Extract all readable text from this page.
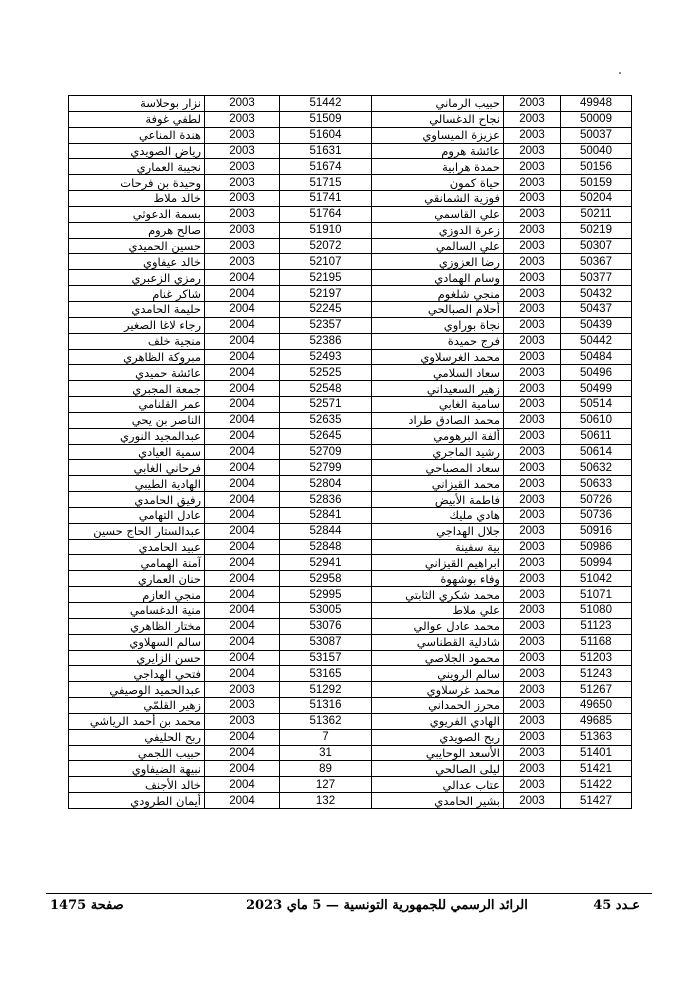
نزار بوحلاسة	2003	51442	حبيب الرماني	2003	49948
لطفي غوفة	2003	51509	نجاح الدغسالي	2003	50009
هندة المناعي	2003	51604	عزيزة الميساوي	2003	50037
رياض الصويدي	2003	51631	عائشة هروم	2003	50040
نجيبة العماري	2003	51674	حمدة هرابية	2003	50156
وحيدة بن فرحات	2003	51715	حياة كمون	2003	50159
خالد ملاط	2003	51741	فوزية الشمانقي	2003	50204
بسمة الدعوثي	2003	51764	علي القاسمي	2003	50211
صالح هروم	2003	51910	زعرة الدوزي	2003	50219
حسين الحميدي	2003	52072	علي السالمي	2003	50307
خالد عيفاوي	2003	52107	رضا العزوزي	2003	50367
رمزي الزعبري	2004	52195	وسام الهمادي	2003	50377
شاكر غنام	2004	52197	منجي شلغوم	2003	50432
حليمة الحامدي	2004	52245	أحلام الصبالحي	2003	50437
رجاء لاغا الصغير	2004	52357	نجاة بوراوي	2003	50439
منجية خلف	2004	52386	فرج حميدة	2003	50442
مبروكة الظاهري	2004	52493	محمد الغرسلاوي	2003	50484
عائشة حميدي	2004	52525	سعاد السلامي	2003	50496
جمعة المجبري	2004	52548	زهير السعيداني	2003	50499
عمر القلنامي	2004	52571	سامية الغابي	2003	50514
الناصر بن يحي	2004	52635	محمد الصادق طراد	2003	50610
عبدالمجيد النوري	2004	52645	ألفة البرهومي	2003	50611
سمية العيادي	2004	52709	رشيد الماجري	2003	50614
فرحاني الغابي	2004	52799	سعاد المصباحي	2003	50632
الهادية الطيبي	2004	52804	محمد القيزاني	2003	50633
رفيق الحامدي	2004	52836	فاطمة الأبيض	2003	50726
عادل التهامي	2004	52841	هادي مليك	2003	50736
عبدالستار الحاج حسين	2004	52844	جلال الهداجي	2003	50916
عبيد الحامدي	2004	52848	بية سفينة	2003	50986
آمنة الهمامي	2004	52941	ابراهيم القيزاني	2003	50994
حنان العماري	2004	52958	وفاء بوشهوة	2003	51042
منجي العازم	2004	52995	محمد شكري الثابتي	2003	51071
منية الدغسامي	2004	53005	علي ملاط	2003	51080
مختار الظاهري	2004	53076	محمد عادل عوالي	2003	51123
سالم السهلاوي	2004	53087	شادلية القطناسي	2003	51168
حسن الزايري	2004	53157	محمود الجلاصي	2003	51203
فتحي الهداجي	2004	53165	سالم الرويني	2003	51243
عبدالحميد الوصيفي	2003	51292	محمد غرسلاوي	2003	51267
زهير القلمّي	2003	51316	محرز الحمداني	2003	49650
محمد بن أحمد الرياشي	2003	51362	الهادي الفريوي	2003	49685
ربح الحليفي	2004	7	ربح الصويدي	2003	51363
حبيب اللجمي	2004	31	الأسعد الوحايبي	2003	51401
نبيهة الضيفاوي	2004	89	ليلى الصالحي	2003	51421
خالد الأجنف	2004	127	عتاب عدالي	2003	51422
أيمان الطرودي	2004	132	بشير الحامدي	2003	51427
صفحة 1475	الرائد الرسمي للجمهورية التونسية — 5 ماي 2023	عـدد 45
